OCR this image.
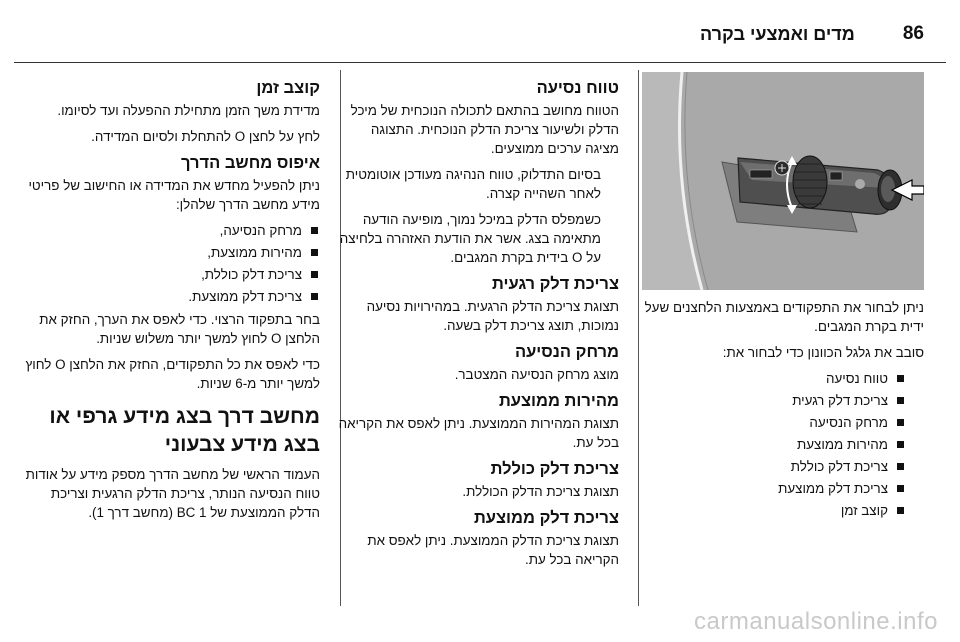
86
מדים ואמצעי בקרה

ניתן לבחור את התפקודים באמצעות הלחצנים שעל ידית בקרת המגבים.

סובב את גלגל הכוונון כדי לבחור את:

טווח נסיעה
צריכת דלק רגעית
מרחק הנסיעה
מהירות ממוצעת
צריכת דלק כוללת
צריכת דלק ממוצעת
קוצב זמן
טווח נסיעה

הטווח מחושב בהתאם לתכולה הנוכחית של מיכל הדלק ולשיעור צריכת הדלק הנוכחית. התצוגה מציגה ערכים ממוצעים.

בסיום התדלוק, טווח הנהיגה מעודכן אוטומטית לאחר השהייה קצרה.

כשמפלס הדלק במיכל נמוך, מופיעה הודעה מתאימה בצג. אשר את הודעת האזהרה בלחיצה על O בידית בקרת המגבים.

צריכת דלק רגעית

תצוגת צריכת הדלק הרגעית. במהירויות נסיעה נמוכות, תוצג צריכת דלק בשעה.

מרחק הנסיעה

מוצג מרחק הנסיעה המצטבר.

מהירות ממוצעת

תצוגת המהירות הממוצעת. ניתן לאפס את הקריאה בכל עת.

צריכת דלק כוללת

תצוגת צריכת הדלק הכוללת.

צריכת דלק ממוצעת

תצוגת צריכת הדלק הממוצעת. ניתן לאפס את הקריאה בכל עת.

קוצב זמן

מדידת משך הזמן מתחילת ההפעלה ועד לסיומו.

לחץ על לחצן O להתחלת ולסיום המדידה.

איפוס מחשב הדרך

ניתן להפעיל מחדש את המדידה או החישוב של פריטי מידע מחשב הדרך שלהלן:

מרחק הנסיעה,
מהירות ממוצעת,
צריכת דלק כוללת,
צריכת דלק ממוצעת.

בחר בתפקוד הרצוי. כדי לאפס את הערך, החזק את הלחצן O לחוץ למשך יותר משלוש שניות.

כדי לאפס את כל התפקודים, החזק את הלחצן O לחוץ למשך יותר מ-6 שניות.

מחשב דרך בצג מידע גרפי או בצג מידע צבעוני

העמוד הראשי של מחשב הדרך מספק מידע על אודות טווח הנסיעה הנותר, צריכת הדלק הרגעית וצריכת הדלק הממוצעת של BC 1 (מחשב דרך 1).

carmanualsonline.info
